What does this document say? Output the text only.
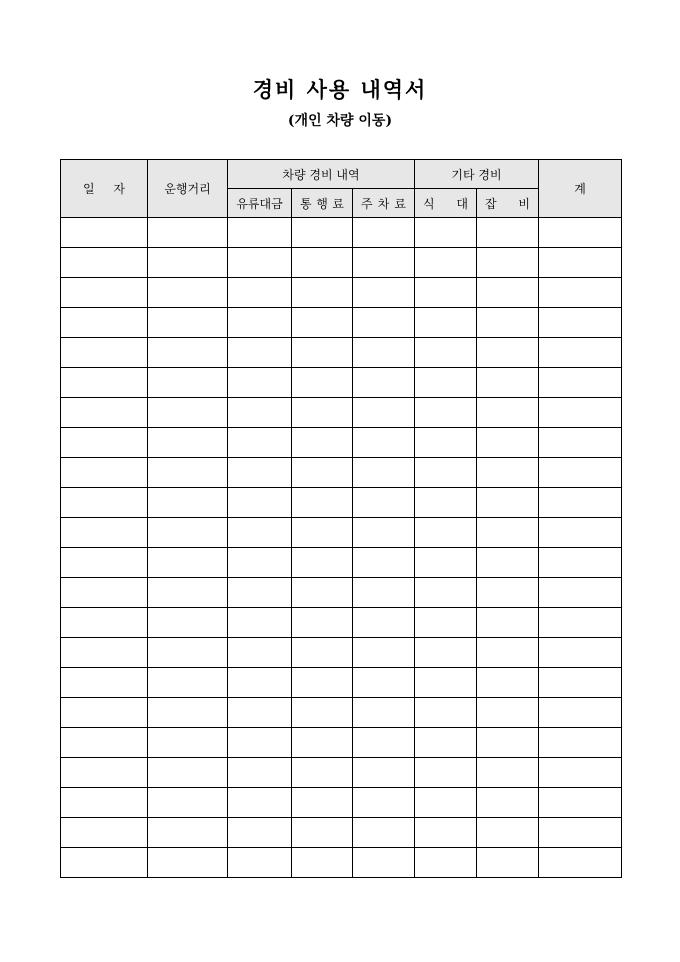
경비 사용 내역서
(개인 차량 이동)
일 자	운행거리	차량 경비 내역			기타 경비		계
		유류대금	통 행 료	주 차 료	식 대	잡 비	
